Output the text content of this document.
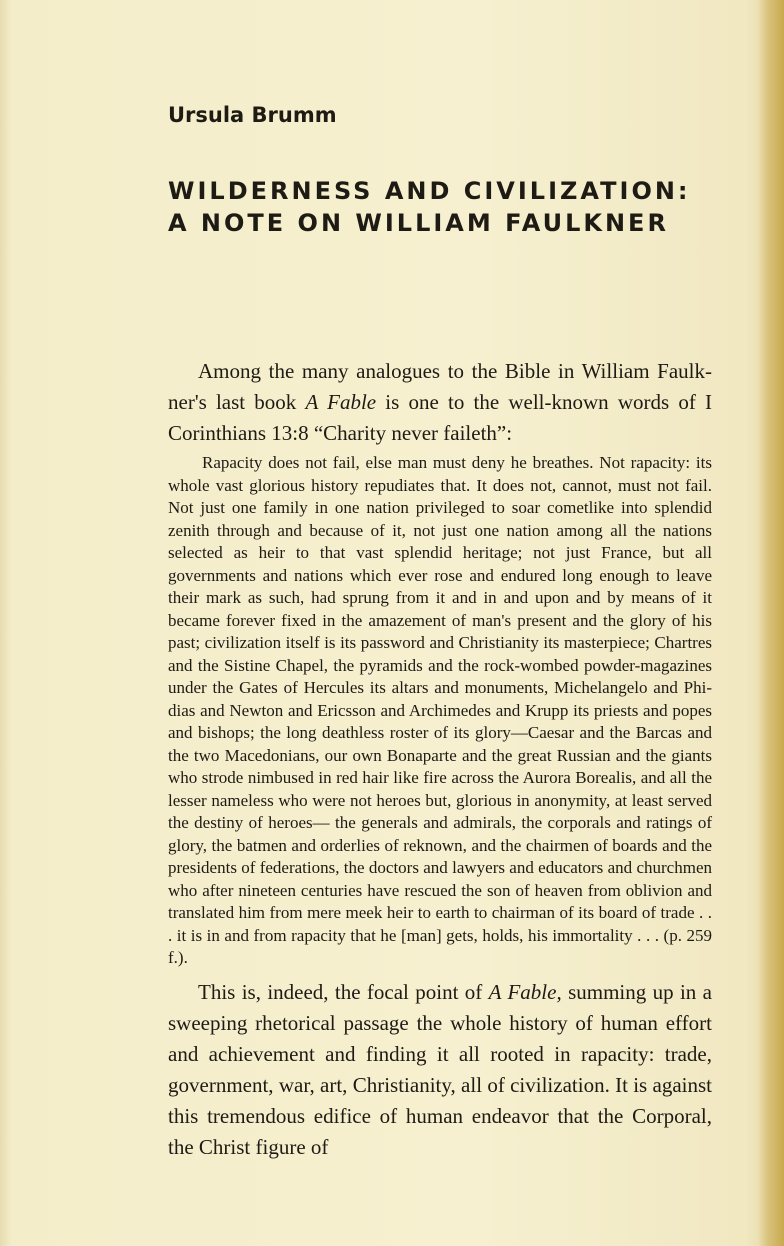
Ursula Brumm
WILDERNESS AND CIVILIZATION:
A NOTE ON WILLIAM FAULKNER

Among the many analogues to the Bible in William Faulkner's last book A Fable is one to the well-known words of I Corinthians 13:8 “Charity never faileth”:

Rapacity does not fail, else man must deny he breathes. Not rapacity: its whole vast glorious history repudiates that. It does not, cannot, must not fail. Not just one family in one nation privileged to soar cometlike into splendid zenith through and because of it, not just one nation among all the nations selected as heir to that vast splendid heritage; not just France, but all governments and nations which ever rose and endured long enough to leave their mark as such, had sprung from it and in and upon and by means of it became forever fixed in the amazement of man's present and the glory of his past; civilization itself is its password and Christianity its masterpiece; Chartres and the Sistine Chapel, the pyramids and the rock-wombed powder-magazines under the Gates of Hercules its altars and monuments, Michelangelo and Phidias and Newton and Ericsson and Archimedes and Krupp its priests and popes and bishops; the long deathless roster of its glory—Caesar and the Barcas and the two Macedonians, our own Bonaparte and the great Russian and the giants who strode nimbused in red hair like fire across the Aurora Borealis, and all the lesser nameless who were not heroes but, glorious in anonymity, at least served the destiny of heroes— the generals and admirals, the corporals and ratings of glory, the batmen and orderlies of reknown, and the chairmen of boards and the presidents of federations, the doctors and lawyers and educators and churchmen who after nineteen centuries have rescued the son of heaven from oblivion and translated him from mere meek heir to earth to chairman of its board of trade . . . it is in and from rapacity that he [man] gets, holds, his immortality . . . (p. 259 f.).

This is, indeed, the focal point of A Fable, summing up in a sweeping rhetorical passage the whole history of human effort and achievement and finding it all rooted in rapacity: trade, government, war, art, Christianity, all of civilization. It is against this tremendous edifice of human endeavor that the Corporal, the Christ figure of
